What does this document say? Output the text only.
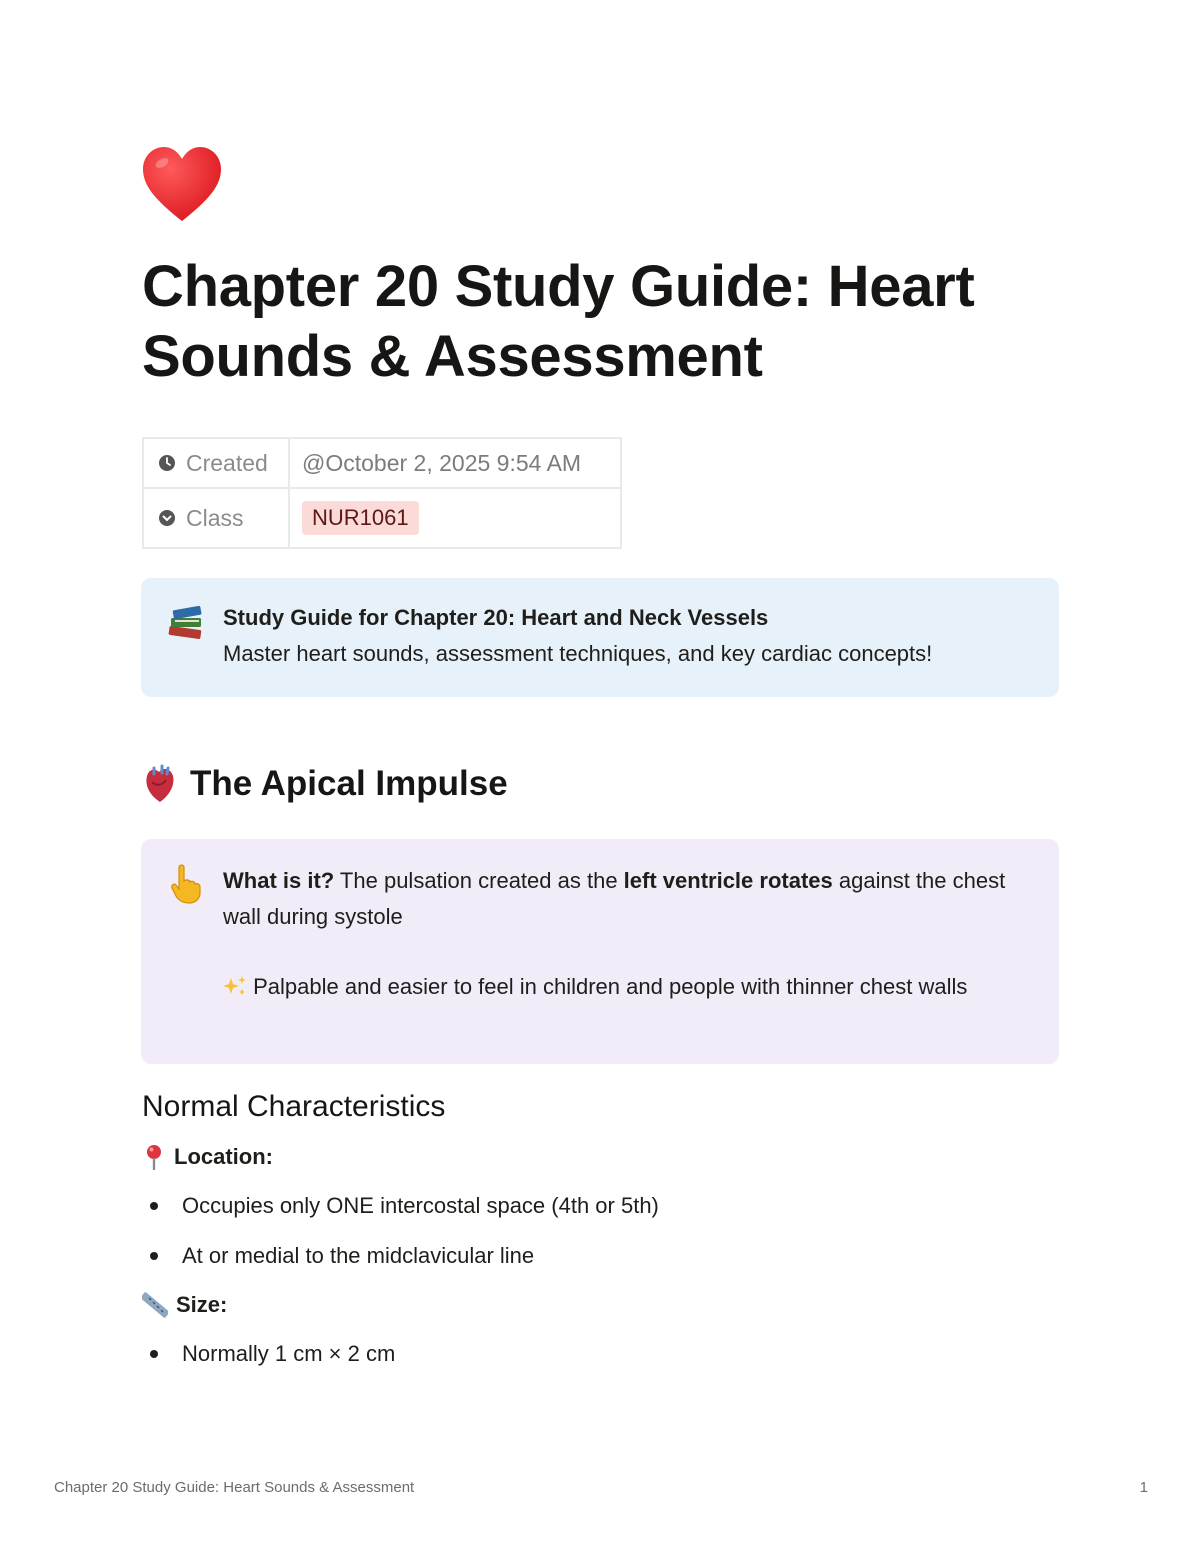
Chapter 20 Study Guide: Heart Sounds & Assessment
Created	@October 2, 2025 9:54 AM

Class	NUR1061
Study Guide for Chapter 20: Heart and Neck Vessels
Master heart sounds, assessment techniques, and key cardiac concepts!
The Apical Impulse
What is it? The pulsation created as the left ventricle rotates against the chest wall during systole
Palpable and easier to feel in children and people with thinner chest walls
Normal Characteristics
Location:
Occupies only ONE intercostal space (4th or 5th)
At or medial to the midclavicular line
Size:
Normally 1 cm × 2 cm
Chapter 20 Study Guide: Heart Sounds & Assessment	1
